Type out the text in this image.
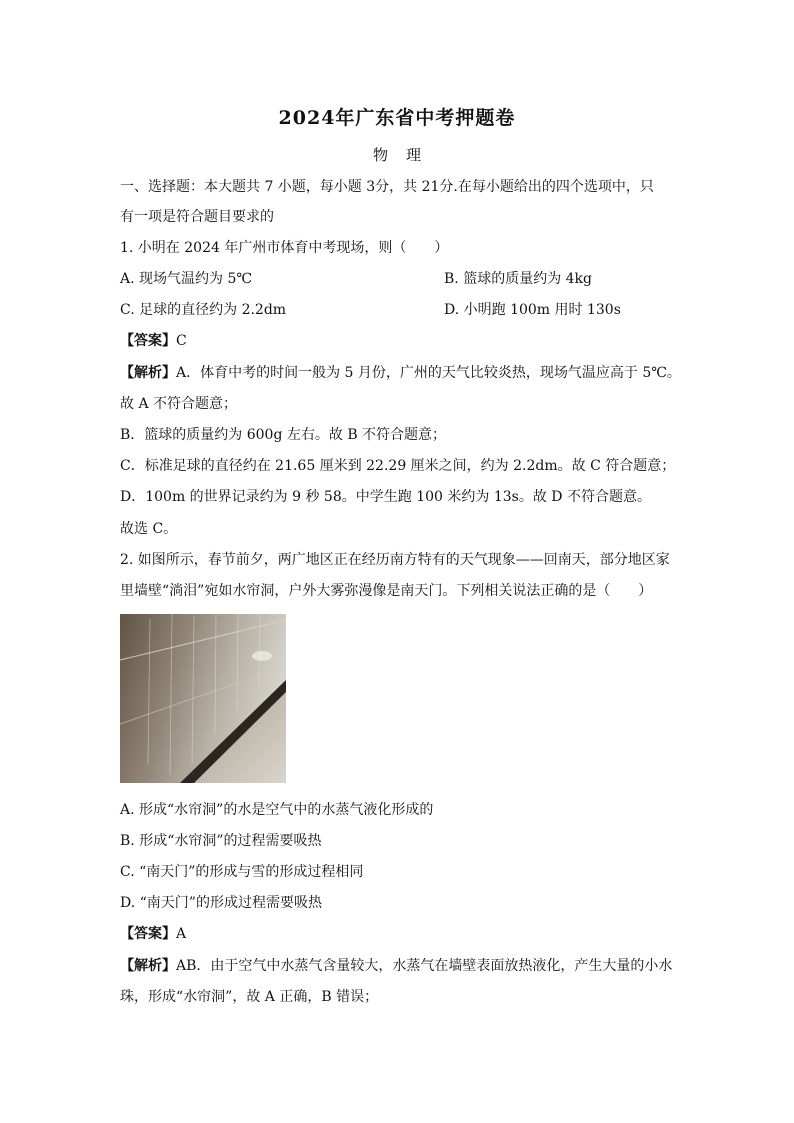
2024年广东省中考押题卷
物 理
一、选择题：本大题共 7 小题，每小题 3分，共 21分.在每小题给出的四个选项中，只
有一项是符合题目要求的
1. 小明在 2024 年广州市体育中考现场，则（　　）
A. 现场气温约为 5℃	B. 篮球的质量约为 4kg
C. 足球的直径约为 2.2dm	D. 小明跑 100m 用时 130s
【答案】C
【解析】A．体育中考的时间一般为 5 月份，广州的天气比较炎热，现场气温应高于 5℃。
故 A 不符合题意；
B．篮球的质量约为 600g 左右。故 B 不符合题意；
C．标准足球的直径约在 21.65 厘米到 22.29 厘米之间，约为 2.2dm。故 C 符合题意；
D．100m 的世界记录约为 9 秒 58。中学生跑 100 米约为 13s。故 D 不符合题意。
故选 C。
2. 如图所示，春节前夕，两广地区正在经历南方特有的天气现象——回南天，部分地区家
里墙壁“淌泪”宛如水帘洞，户外大雾弥漫像是南天门。下列相关说法正确的是（　　）
A. 形成“水帘洞”的水是空气中的水蒸气液化形成的
B. 形成“水帘洞”的过程需要吸热
C. “南天门”的形成与雪的形成过程相同
D. “南天门”的形成过程需要吸热
【答案】A
【解析】AB．由于空气中水蒸气含量较大，水蒸气在墙壁表面放热液化，产生大量的小水
珠，形成“水帘洞”，故 A 正确，B 错误；
